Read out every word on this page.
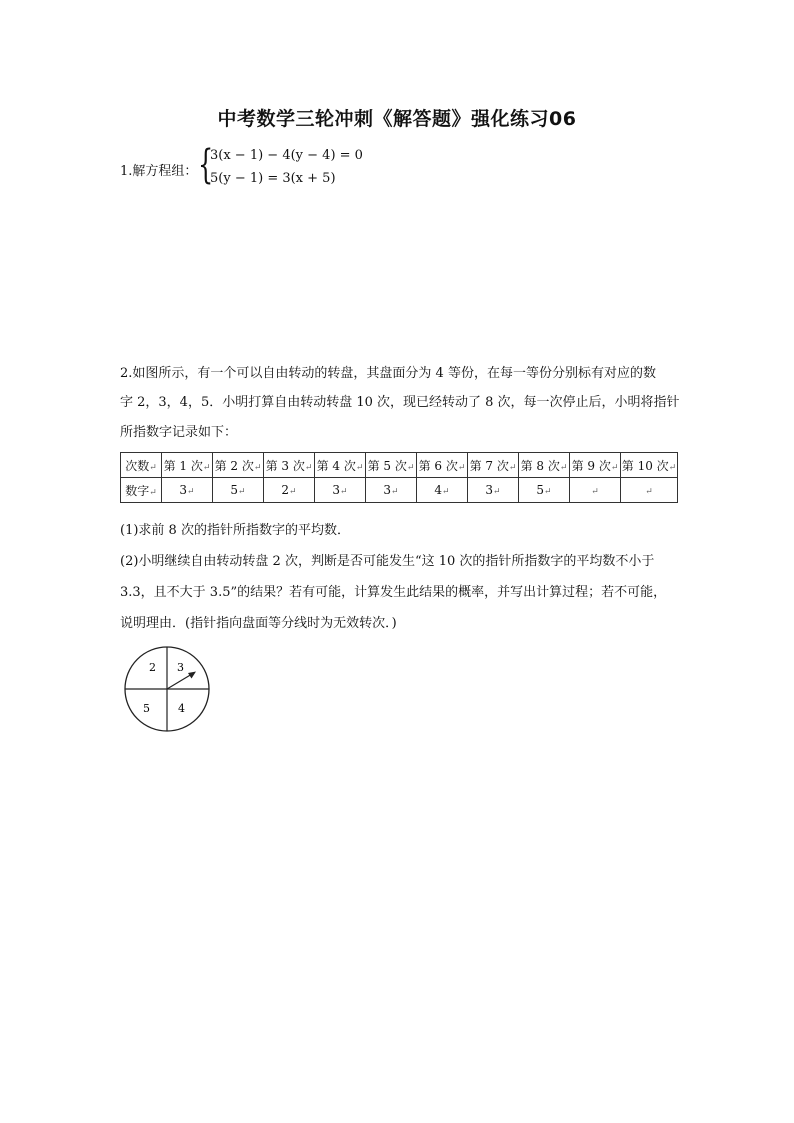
中考数学三轮冲刺《解答题》强化练习06
1.解方程组： {
3(x − 1) − 4(y − 4) = 0
5(y − 1) = 3(x + 5)
2.如图所示，有一个可以自由转动的转盘，其盘面分为 4 等份，在每一等份分别标有对应的数
字 2，3，4，5．小明打算自由转动转盘 10 次，现已经转动了 8 次，每一次停止后，小明将指针
所指数字记录如下：
次数↵	第 1 次↵	第 2 次↵	第 3 次↵	第 4 次↵	第 5 次↵	第 6 次↵	第 7 次↵	第 8 次↵	第 9 次↵	第 10 次↵
数字↵	3↵	5↵	2↵	3↵	3↵	4↵	3↵	5↵	↵	↵
(1)求前 8 次的指针所指数字的平均数．
(2)小明继续自由转动转盘 2 次，判断是否可能发生“这 10 次的指针所指数字的平均数不小于
3.3，且不大于 3.5”的结果？若有可能，计算发生此结果的概率，并写出计算过程；若不可能，
说明理由．(指针指向盘面等分线时为无效转次．)
2 3
5	4
